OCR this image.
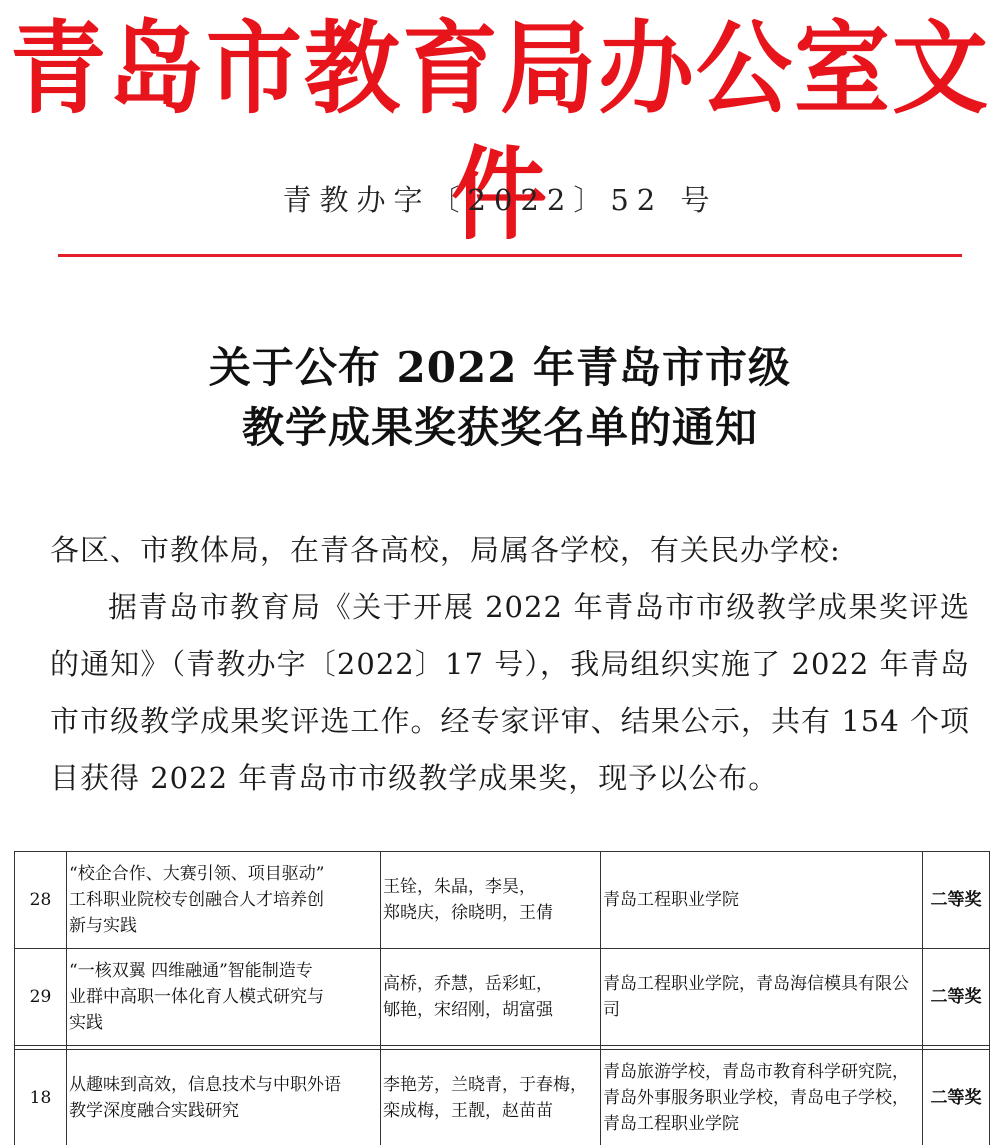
青岛市教育局办公室文件
青教办字〔2022〕52 号
关于公布 2022 年青岛市市级
教学成果奖获奖名单的通知

各区、市教体局，在青各高校，局属各学校，有关民办学校:

据青岛市教育局《关于开展 2022 年青岛市市级教学成果奖评选的通知》（青教办字〔2022〕17 号），我局组织实施了 2022 年青岛市市级教学成果奖评选工作。经专家评审、结果公示，共有 154 个项目获得 2022 年青岛市市级教学成果奖，现予以公布。

28	“校企合作、大赛引领、项目驱动”
工科职业院校专创融合人才培养创
新与实践	王铨，朱晶，李昊，
郑晓庆，徐晓明，王倩	青岛工程职业学院	二等奖
29	“一核双翼 四维融通”智能制造专
业群中高职一体化育人模式研究与
实践	高桥，乔慧，岳彩虹，
郇艳，宋绍刚，胡富强	青岛工程职业学院，青岛海信模具有限公
司	二等奖

18	从趣味到高效，信息技术与中职外语
教学深度融合实践研究	李艳芳，兰晓青，于春梅，
栾成梅，王靓，赵苗苗	青岛旅游学校，青岛市教育科学研究院，
青岛外事服务职业学校，青岛电子学校，
青岛工程职业学院	二等奖
